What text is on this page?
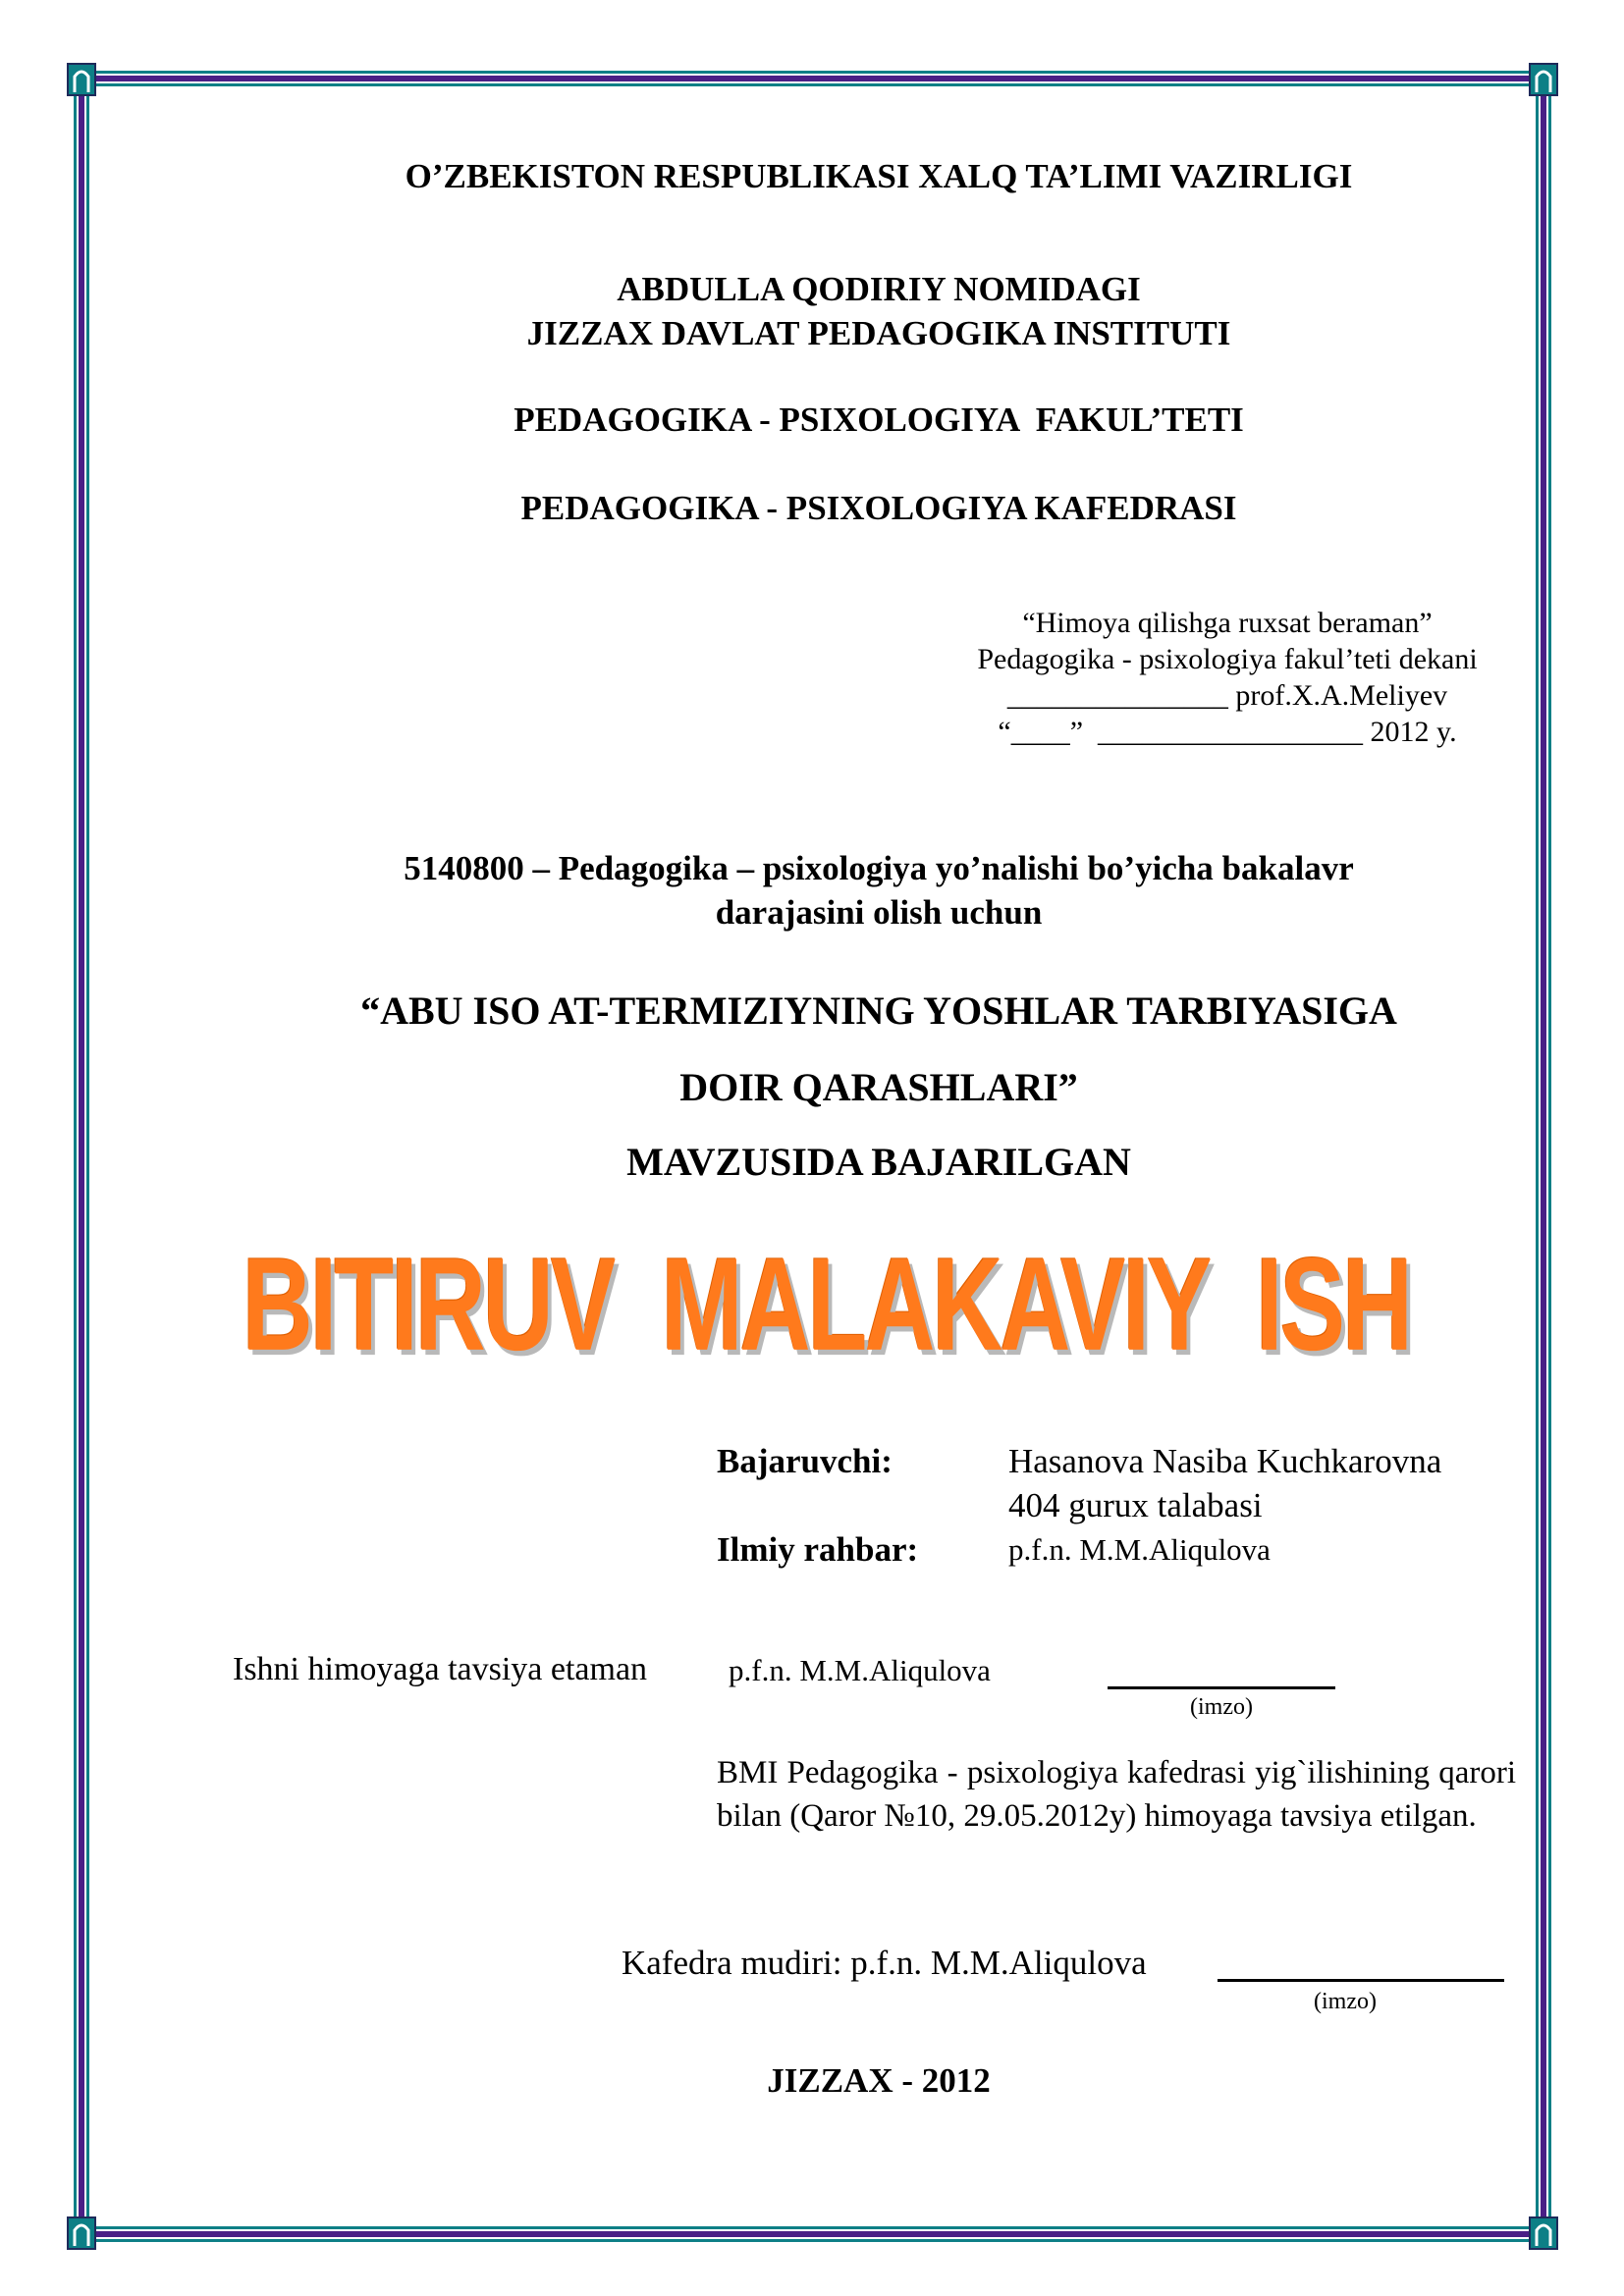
O’ZBEKISTON RESPUBLIKASI XALQ TA’LIMI VAZIRLIGI
ABDULLA QODIRIY NOMIDAGI
JIZZAX DAVLAT PEDAGOGIKA INSTITUTI
PEDAGOGIKA - PSIXOLOGIYA  FAKUL’TETI
PEDAGOGIKA - PSIXOLOGIYA KAFEDRASI
“Himoya qilishga ruxsat beraman”
Pedagogika - psixologiya fakul’teti dekani
_______________ prof.X.A.Meliyev
“____”  __________________ 2012 y.
5140800 – Pedagogika – psixologiya yo’nalishi bo’yicha bakalavr
darajasini olish uchun
“ABU ISO AT-TERMIZIYNING YOSHLAR TARBIYASIGA
DOIR QARASHLARI”
MAVZUSIDA BAJARILGAN
BITIRUV  MALAKAVIY  ISH
Bajaruvchi:	Hasanova Nasiba Kuchkarovna
404 gurux talabasi
Ilmiy rahbar:	p.f.n. M.M.Aliqulova
Ishni himoyaga tavsiya etaman	p.f.n. M.M.Aliqulova
(imzo)
BMI Pedagogika - psixologiya kafedrasi yig`ilishining qarori bilan (Qaror №10, 29.05.2012y) himoyaga tavsiya etilgan.
Kafedra mudiri: p.f.n. M.M.Aliqulova
(imzo)
JIZZAX - 2012
